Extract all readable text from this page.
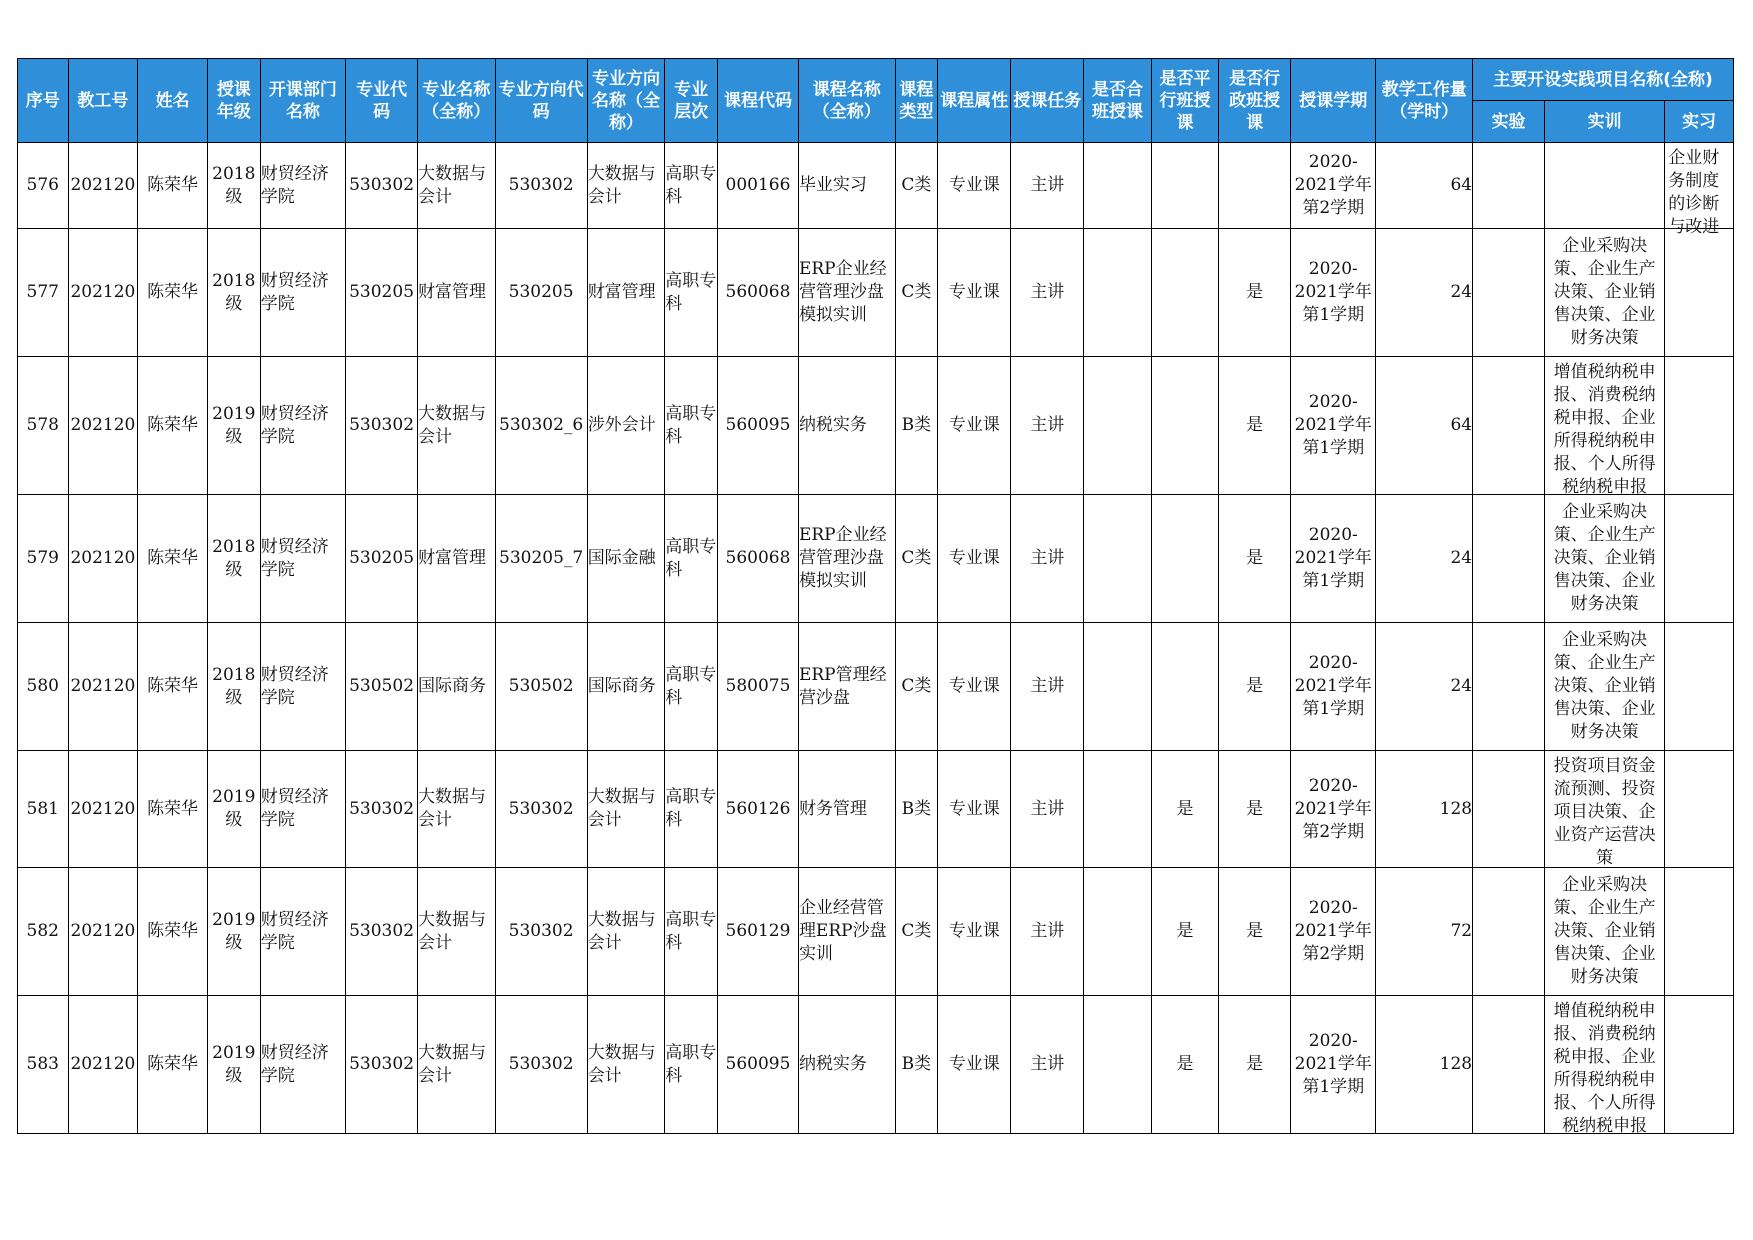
序号	教工号	姓名	授课年级	开课部门名称	专业代码	专业名称（全称）	专业方向代码	专业方向名称（全称）	专业层次	课程代码	课程名称（全称）	课程类型	课程属性	授课任务	是否合班授课	是否平行班授课	是否行政班授课	授课学期	教学工作量（学时）	主要开设实践项目名称(全称)		

																				实验	实训	实习

576	202120	陈荣华	2018级	财贸经济学院	530302	大数据与会计	530302	大数据与会计	高职专科	000166	毕业实习	C类	专业课	主讲				2020-2021学年第2学期	64			企业财务制度的诊断与改进

577	202120	陈荣华	2018级	财贸经济学院	530205	财富管理	530205	财富管理	高职专科	560068	ERP企业经营管理沙盘模拟实训	C类	专业课	主讲			是	2020-2021学年第1学期	24		企业采购决策、企业生产决策、企业销售决策、企业财务决策	

578	202120	陈荣华	2019级	财贸经济学院	530302	大数据与会计	530302_6	涉外会计	高职专科	560095	纳税实务	B类	专业课	主讲			是	2020-2021学年第1学期	64		增值税纳税申报、消费税纳税申报、企业所得税纳税申报、个人所得税纳税申报	

579	202120	陈荣华	2018级	财贸经济学院	530205	财富管理	530205_7	国际金融	高职专科	560068	ERP企业经营管理沙盘模拟实训	C类	专业课	主讲			是	2020-2021学年第1学期	24		企业采购决策、企业生产决策、企业销售决策、企业财务决策	

580	202120	陈荣华	2018级	财贸经济学院	530502	国际商务	530502	国际商务	高职专科	580075	ERP管理经营沙盘	C类	专业课	主讲			是	2020-2021学年第1学期	24		企业采购决策、企业生产决策、企业销售决策、企业财务决策	

581	202120	陈荣华	2019级	财贸经济学院	530302	大数据与会计	530302	大数据与会计	高职专科	560126	财务管理	B类	专业课	主讲		是	是	2020-2021学年第2学期	128		投资项目资金流预测、投资项目决策、企业资产运营决策	

582	202120	陈荣华	2019级	财贸经济学院	530302	大数据与会计	530302	大数据与会计	高职专科	560129	企业经营管理ERP沙盘实训	C类	专业课	主讲		是	是	2020-2021学年第2学期	72		企业采购决策、企业生产决策、企业销售决策、企业财务决策	

583	202120	陈荣华	2019级	财贸经济学院	530302	大数据与会计	530302	大数据与会计	高职专科	560095	纳税实务	B类	专业课	主讲		是	是	2020-2021学年第1学期	128		增值税纳税申报、消费税纳税申报、企业所得税纳税申报、个人所得税纳税申报	
